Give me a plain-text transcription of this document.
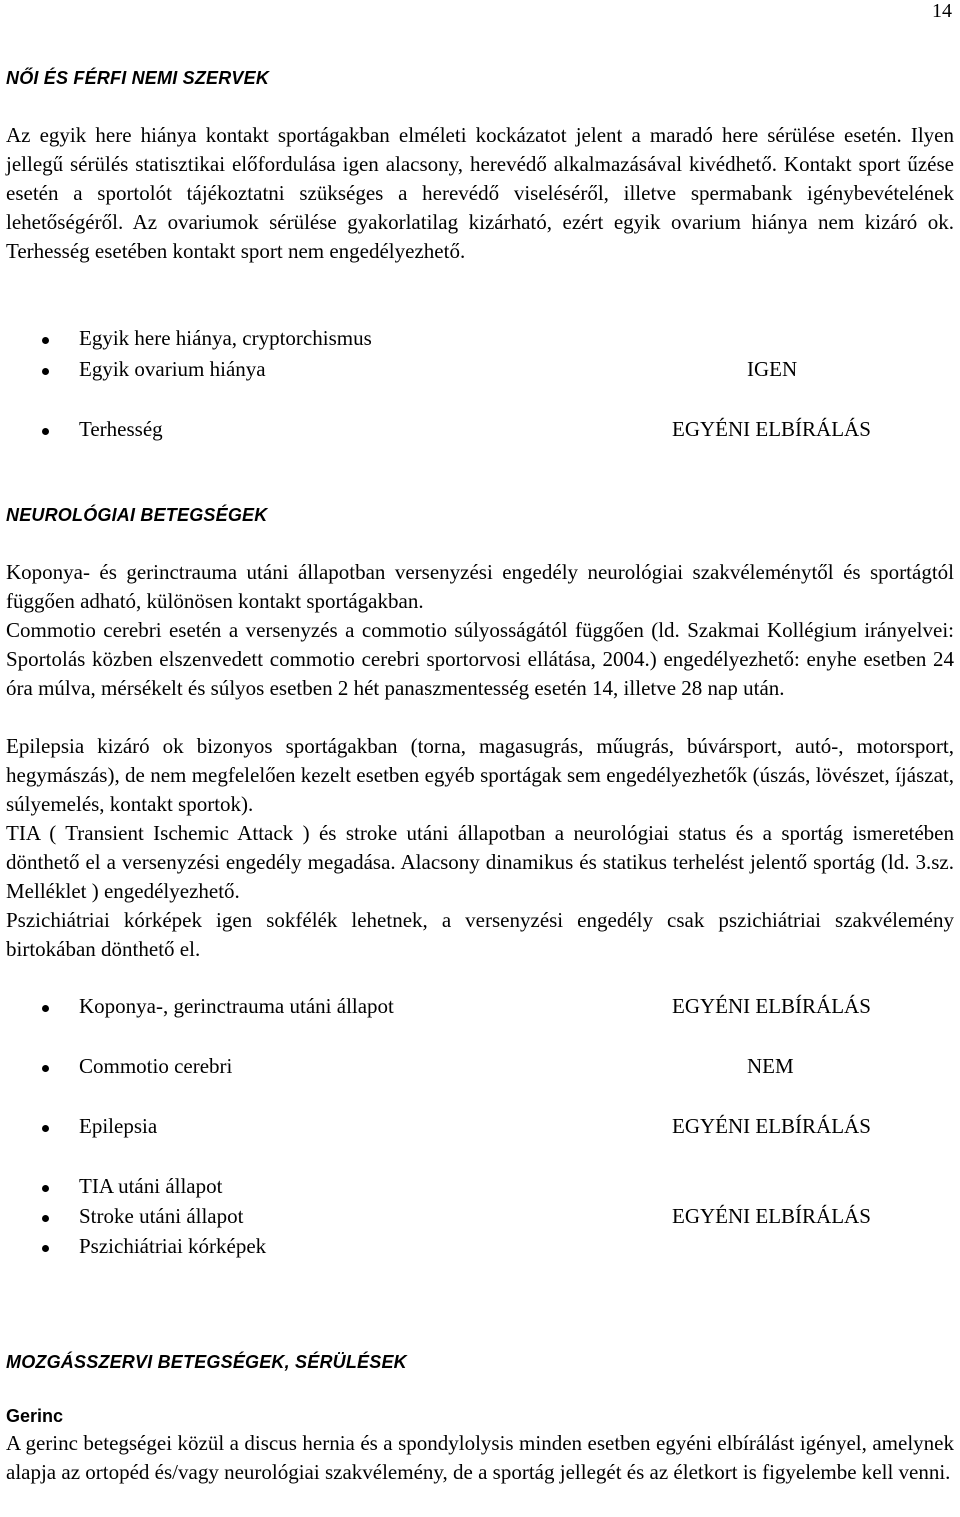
14
NŐI ÉS FÉRFI NEMI SZERVEK

Az egyik here hiánya kontakt sportágakban elméleti kockázatot jelent a maradó here sérülése esetén. Ilyen jellegű sérülés statisztikai előfordulása igen alacsony, herevédő alkalmazásával kivédhető. Kontakt sport űzése esetén a sportolót tájékoztatni szükséges a herevédő viseléséről, illetve spermabank igénybevételének lehetőségéről. Az ovariumok sérülése gyakorlatilag kizárható, ezért egyik ovarium hiánya nem kizáró ok. Terhesség esetében kontakt sport nem engedélyezhető.

Egyik here hiánya, cryptorchismus
Egyik ovarium hiánya	IGEN
Terhesség	EGYÉNI ELBÍRÁLÁS
NEUROLÓGIAI BETEGSÉGEK

Koponya- és gerinctrauma utáni állapotban versenyzési engedély neurológiai szakvéleménytől és sportágtól függően adható, különösen kontakt sportágakban.

Commotio cerebri esetén a versenyzés a commotio súlyosságától függően (ld. Szakmai Kollégium irányelvei: Sportolás közben elszenvedett commotio cerebri sportorvosi ellátása, 2004.) engedélyezhető: enyhe esetben 24 óra múlva, mérsékelt és súlyos esetben 2 hét panaszmentesség esetén 14, illetve 28 nap után.

Epilepsia kizáró ok bizonyos sportágakban (torna, magasugrás, műugrás, búvársport, autó-, motorsport, hegymászás), de nem megfelelően kezelt esetben egyéb sportágak sem engedélyezhetők (úszás, lövészet, íjászat, súlyemelés, kontakt sportok).

TIA ( Transient Ischemic Attack ) és stroke utáni állapotban a neurológiai status és a sportág ismeretében dönthető el a versenyzési engedély megadása. Alacsony dinamikus és statikus terhelést jelentő sportág (ld. 3.sz. Melléklet ) engedélyezhető.

Pszichiátriai kórképek igen sokfélék lehetnek, a versenyzési engedély csak pszichiátriai szakvélemény birtokában dönthető el.

Koponya-, gerinctrauma utáni állapot	EGYÉNI ELBÍRÁLÁS
Commotio cerebri	NEM
Epilepsia	EGYÉNI ELBÍRÁLÁS
TIA utáni állapot
Stroke utáni állapot	EGYÉNI ELBÍRÁLÁS
Pszichiátriai kórképek
MOZGÁSSZERVI BETEGSÉGEK, SÉRÜLÉSEK
Gerinc

A gerinc betegségei közül a discus hernia és a spondylolysis minden esetben egyéni elbírálást igényel, amelynek alapja az ortopéd és/vagy neurológiai szakvélemény, de a sportág jellegét és az életkort is figyelembe kell venni.
